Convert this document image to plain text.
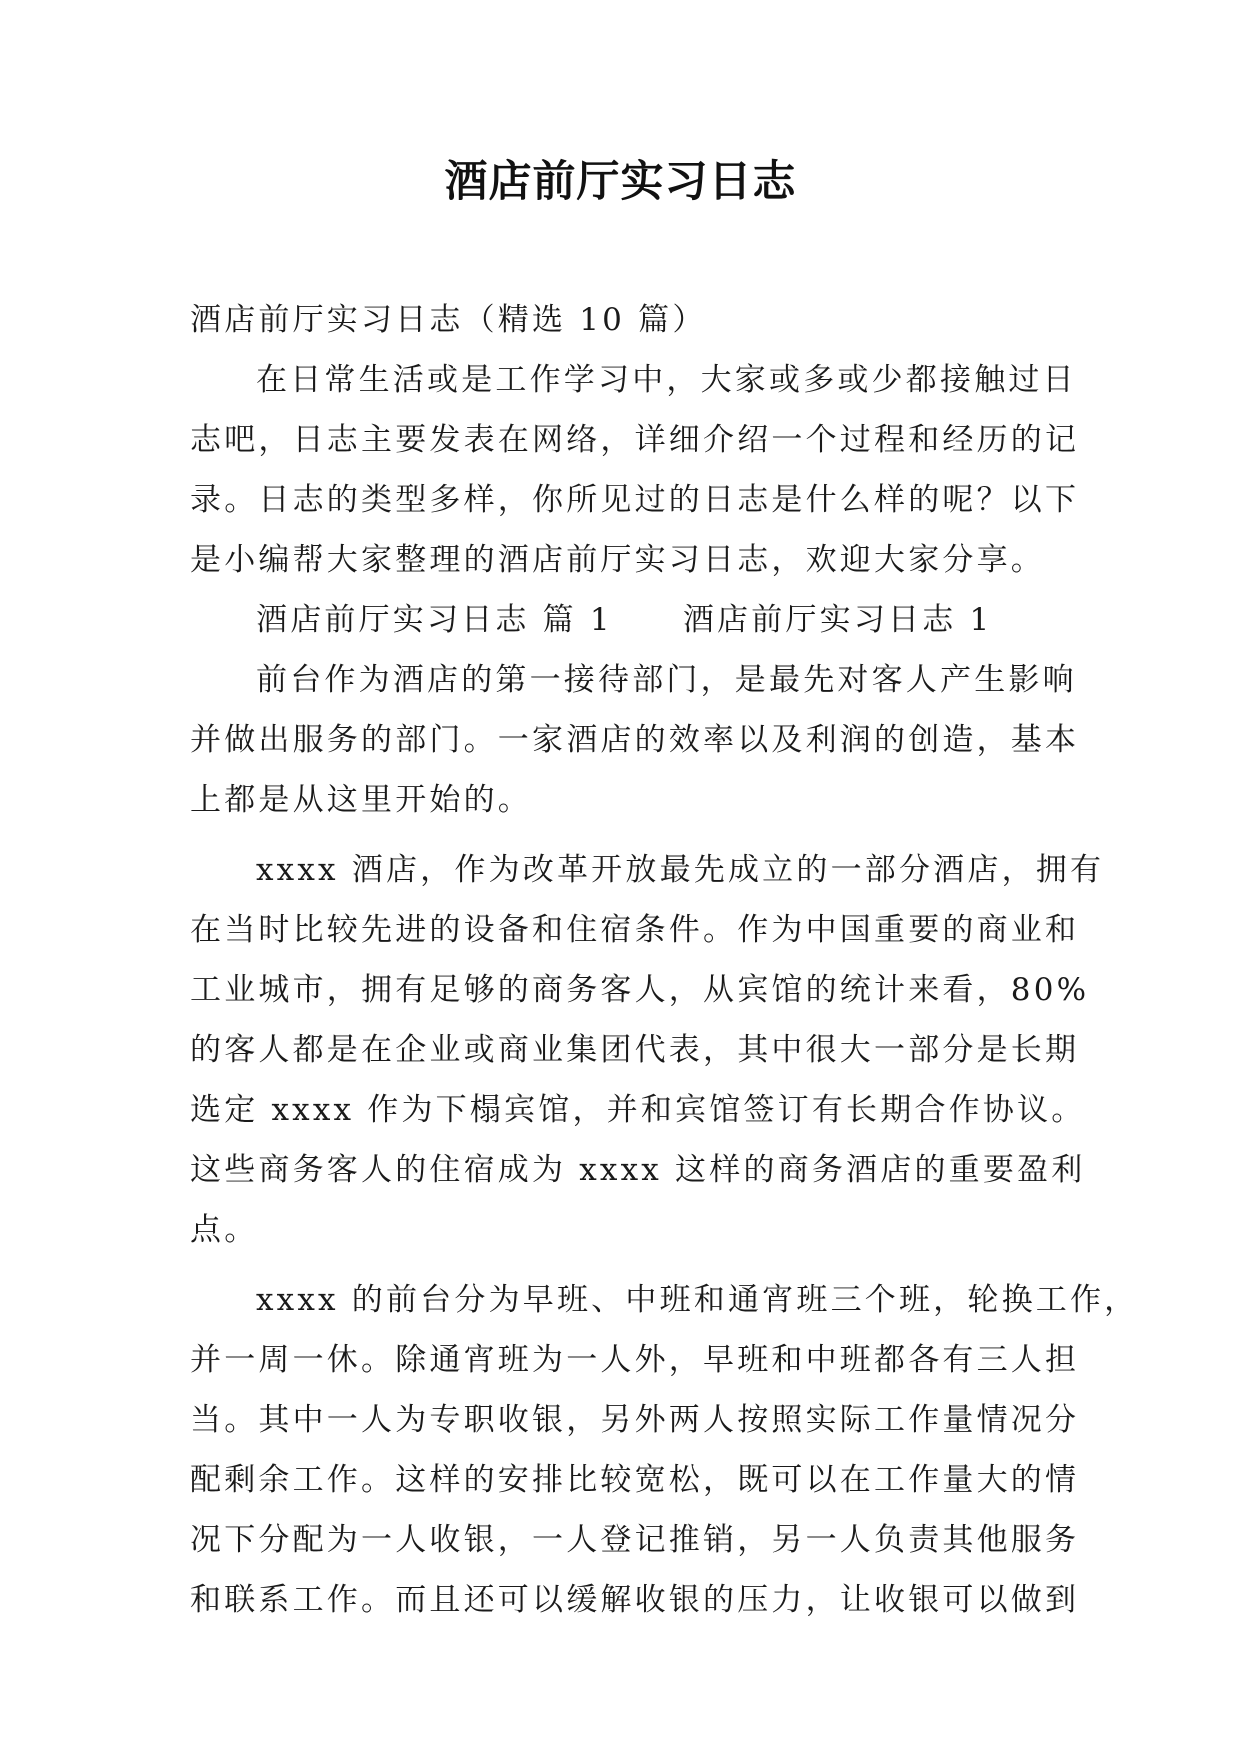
酒店前厅实习日志
酒店前厅实习日志（精选 10 篇）
在日常生活或是工作学习中，大家或多或少都接触过日
志吧，日志主要发表在网络，详细介绍一个过程和经历的记
录。日志的类型多样，你所见过的日志是什么样的呢？以下
是小编帮大家整理的酒店前厅实习日志，欢迎大家分享。
酒店前厅实习日志 篇 1 酒店前厅实习日志 1
前台作为酒店的第一接待部门，是最先对客人产生影响
并做出服务的部门。一家酒店的效率以及利润的创造，基本
上都是从这里开始的。
xxxx 酒店，作为改革开放最先成立的一部分酒店，拥有
在当时比较先进的设备和住宿条件。作为中国重要的商业和
工业城市，拥有足够的商务客人，从宾馆的统计来看，80%
的客人都是在企业或商业集团代表，其中很大一部分是长期
选定 xxxx 作为下榻宾馆，并和宾馆签订有长期合作协议。
这些商务客人的住宿成为 xxxx 这样的商务酒店的重要盈利
点。
xxxx 的前台分为早班、中班和通宵班三个班，轮换工作，
并一周一休。除通宵班为一人外，早班和中班都各有三人担
当。其中一人为专职收银，另外两人按照实际工作量情况分
配剩余工作。这样的安排比较宽松，既可以在工作量大的情
况下分配为一人收银，一人登记推销，另一人负责其他服务
和联系工作。而且还可以缓解收银的压力，让收银可以做到
